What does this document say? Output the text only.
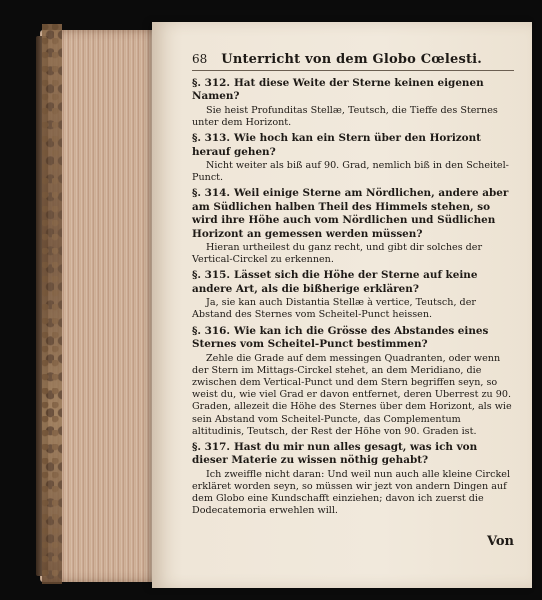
68 Unterricht von dem Globo Cœlesti.
§. 312. Hat diese Weite der Sterne keinen eigenen Namen?
Sie heist Profunditas Stellæ, Teutsch, die Tieffe des Sternes unter dem Horizont.
§. 313. Wie hoch kan ein Stern über den Horizont herauf gehen?
Nicht weiter als biß auf 90. Grad, nemlich biß in den Scheitel-Punct.
§. 314. Weil einige Sterne am Nördlichen, andere aber am Südlichen halben Theil des Himmels stehen, so wird ihre Höhe auch vom Nördlichen und Südlichen Horizont an gemessen werden müssen?
Hieran urtheilest du ganz recht, und gibt dir solches der Vertical-Circkel zu erkennen.
§. 315. Lässet sich die Höhe der Sterne auf keine andere Art, als die bißherige erklären?
Ja, sie kan auch Distantia Stellæ à vertice, Teutsch, der Abstand des Sternes vom Scheitel-Punct heissen.
§. 316. Wie kan ich die Grösse des Abstandes eines Sternes vom Scheitel-Punct bestimmen?
Zehle die Grade auf dem messingen Quadranten, oder wenn der Stern im Mittags-Circkel stehet, an dem Meridiano, die zwischen dem Vertical-Punct und dem Stern begriffen seyn, so weist du, wie viel Grad er davon entfernet, deren Uberrest zu 90. Graden, allezeit die Höhe des Sternes über dem Horizont, als wie sein Abstand vom Scheitel-Puncte, das Complementum altitudinis, Teutsch, der Rest der Höhe von 90. Graden ist.
§. 317. Hast du mir nun alles gesagt, was ich von dieser Materie zu wissen nöthig gehabt?
Ich zweiffle nicht daran: Und weil nun auch alle kleine Circkel erkläret worden seyn, so müssen wir jezt von andern Dingen auf dem Globo eine Kundschafft einziehen; davon ich zuerst die Dodecatemoria erwehlen will.
Von
